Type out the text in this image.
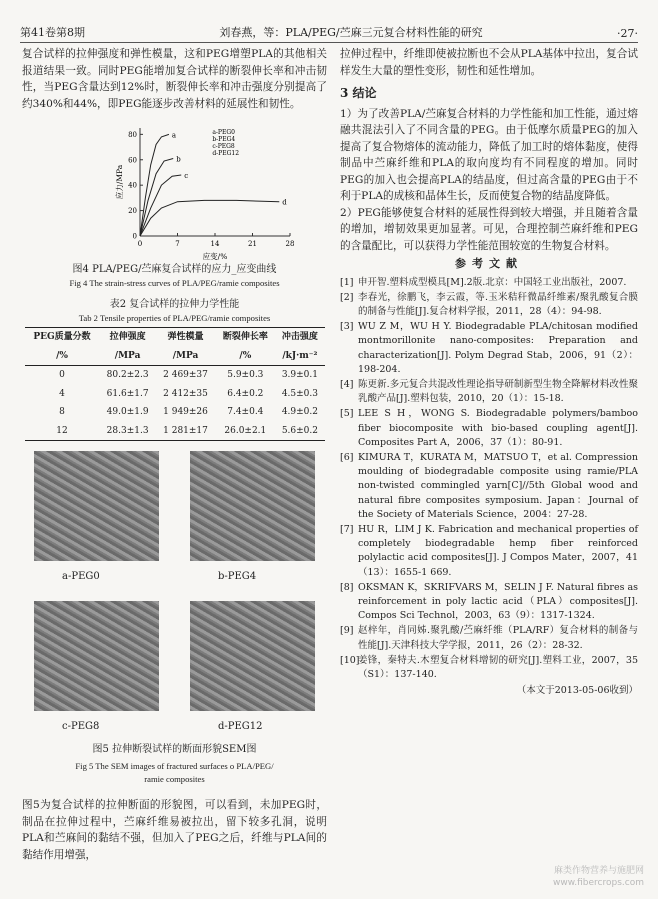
第41卷第8期	刘春燕，等：PLA/PEG/苎麻三元复合材料性能的研究	·27·

复合试样的拉伸强度和弹性模量，这和PEG增塑PLA的其他相关报道结果一致。同时PEG能增加复合试样的断裂伸长率和冲击韧性，当PEG含量达到12%时，断裂伸长率和冲击强度分别提高了约340%和44%，即PEG能逐步改善材料的延展性和韧性。

0	7	14	21	28
0
20
40
60
80
应变/%
应力/MPa
a-PEG0
b-PEG4
c-PEG8
d-PEG12
a
b
c
d
图4 PLA/PEG/苎麻复合试样的应力_应变曲线
Fig 4 The strain-stress curves of PLA/PEG/ramie composites
表2 复合试样的拉伸力学性能
Tab 2 Tensile properties of PLA/PEG/ramie composites
PEG质量分数	拉伸强度	弹性模量	断裂伸长率	冲击强度
/%	/MPa	/MPa	/%	/kJ·m⁻²
0	80.2±2.3	2 469±37	5.9±0.3	3.9±0.1
4	61.6±1.7	2 412±35	6.4±0.2	4.5±0.3
8	49.0±1.9	1 949±26	7.4±0.4	4.9±0.2
12	28.3±1.3	1 281±17	26.0±2.1	5.6±0.2
a-PEG0	b-PEG4
c-PEG8	d-PEG12
图5 拉伸断裂试样的断面形貌SEM图
Fig 5 The SEM images of fractured surfaces o PLA/PEG/
ramie composites

图5为复合试样的拉伸断面的形貌图，可以看到，未加PEG时，制品在拉伸过程中，苎麻纤维易被拉出，留下较多孔洞，说明PLA和苎麻间的黏结不强，但加入了PEG之后，纤维与PLA间的黏结作用增强，

拉伸过程中，纤维即使被拉断也不会从PLA基体中拉出，复合试样发生大量的塑性变形，韧性和延性增加。

3 结论

1）为了改善PLA/苎麻复合材料的力学性能和加工性能，通过熔融共混法引入了不同含量的PEG。由于低摩尔质量PEG的加入提高了复合物熔体的流动能力，降低了加工时的熔体黏度，使得制品中苎麻纤维和PLA的取向度均有不同程度的增加。同时PEG的加入也会提高PLA的结晶度，但过高含量的PEG由于不利于PLA的成核和晶体生长，反而使复合物的结晶度降低。

2）PEG能够使复合材料的延展性得到较大增强，并且随着含量的增加，增韧效果更加显著。可见，合理控制苎麻纤维和PEG的含量配比，可以获得力学性能范围较宽的生物复合材料。

参考文献
[1] 申开智.塑料成型模具[M].2版.北京：中国轻工业出版社，2007.
[2] 李春光，徐鹏飞，李云霞，等.玉米秸秆微晶纤维素/聚乳酸复合膜的制备与性能[J].复合材料学报，2011，28（4）：94-98.
[3] WU Z M，WU H Y. Biodegradable PLA/chitosan modified montmorillonite nano-composites: Preparation and characterization[J]. Polym Degrad Stab，2006，91（2）：198-204.
[4] 陈更新.多元复合共混改性理论指导研制新型生物全降解材料改性聚乳酸产品[J].塑料包装，2010，20（1）：15-18.
[5] LEE S H，WONG S. Biodegradable polymers/bamboo fiber biocomposite with bio-based coupling agent[J]. Composites Part A，2006，37（1）：80-91.
[6] KIMURA T，KURATA M，MATSUO T，et al. Compression moulding of biodegradable composite using ramie/PLA non-twisted commingled yarn[C]//5th Global wood and natural fibre composites symposium. Japan：Journal of the Society of Materials Science，2004：27-28.
[7] HU R，LIM J K. Fabrication and mechanical properties of completely biodegradable hemp fiber reinforced polylactic acid composites[J]. J Compos Mater，2007，41（13）：1655-1 669.
[8] OKSMAN K，SKRIFVARS M，SELIN J F. Natural fibres as reinforcement in poly lactic acid（PLA）composites[J]. Compos Sci Technol，2003，63（9）：1317-1324.
[9] 赵梓年，肖同姊.聚乳酸/苎麻纤维（PLA/RF）复合材料的制备与性能[J].天津科技大学学报，2011，26（2）：28-32.
[10]
姜锋，秦特夫.木塑复合材料增韧的研究[J].塑料工业，2007，35（S1）：137-140.
（本文于2013-05-06收到）
麻类作物营养与施肥网
www.fibercrops.com
